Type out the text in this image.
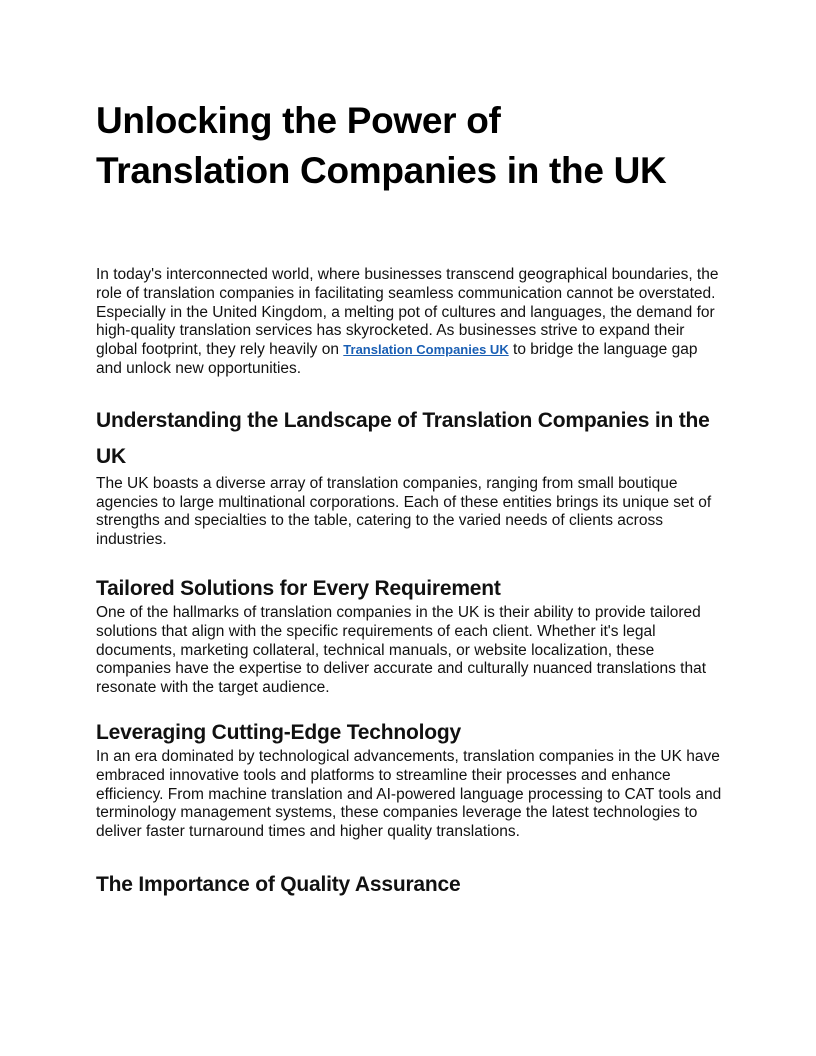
Unlocking the Power of
Translation Companies in the UK

In today's interconnected world, where businesses transcend geographical boundaries, the role of translation companies in facilitating seamless communication cannot be overstated. Especially in the United Kingdom, a melting pot of cultures and languages, the demand for high-quality translation services has skyrocketed. As businesses strive to expand their global footprint, they rely heavily on Translation Companies UK to bridge the language gap and unlock new opportunities.

Understanding the Landscape of Translation Companies in the UK

The UK boasts a diverse array of translation companies, ranging from small boutique agencies to large multinational corporations. Each of these entities brings its unique set of strengths and specialties to the table, catering to the varied needs of clients across industries.

Tailored Solutions for Every Requirement

One of the hallmarks of translation companies in the UK is their ability to provide tailored solutions that align with the specific requirements of each client. Whether it's legal documents, marketing collateral, technical manuals, or website localization, these companies have the expertise to deliver accurate and culturally nuanced translations that resonate with the target audience.

Leveraging Cutting-Edge Technology

In an era dominated by technological advancements, translation companies in the UK have embraced innovative tools and platforms to streamline their processes and enhance efficiency. From machine translation and AI-powered language processing to CAT tools and terminology management systems, these companies leverage the latest technologies to deliver faster turnaround times and higher quality translations.

The Importance of Quality Assurance
